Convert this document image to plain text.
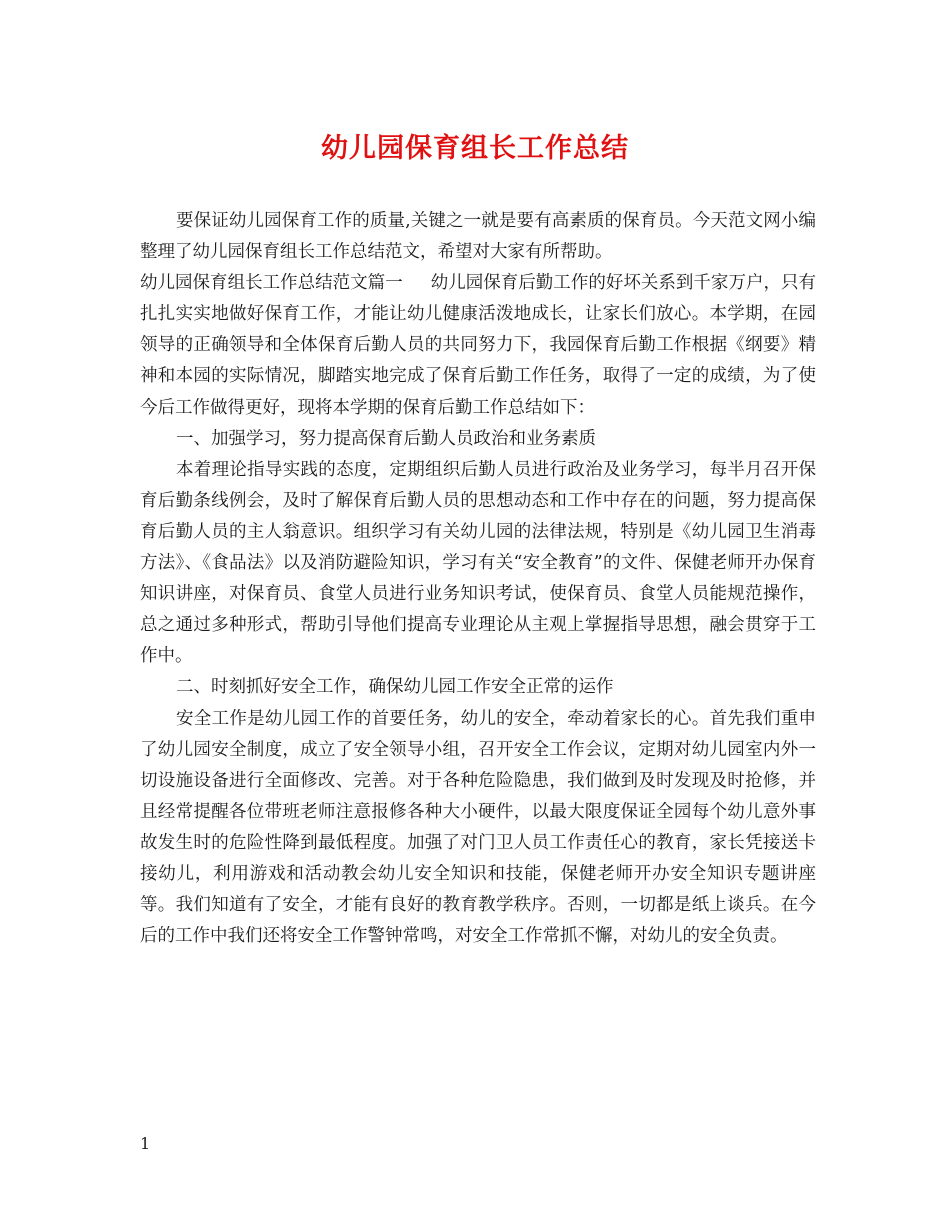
幼儿园保育组长工作总结

要保证幼儿园保育工作的质量,关键之一就是要有高素质的保育员。今天范文网小编整理了幼儿园保育组长工作总结范文，希望对大家有所帮助。

幼儿园保育组长工作总结范文篇一 幼儿园保育后勤工作的好坏关系到千家万户，只有扎扎实实地做好保育工作，才能让幼儿健康活泼地成长，让家长们放心。本学期，在园领导的正确领导和全体保育后勤人员的共同努力下，我园保育后勤工作根据《纲要》精神和本园的实际情况，脚踏实地完成了保育后勤工作任务，取得了一定的成绩，为了使今后工作做得更好，现将本学期的保育后勤工作总结如下：

一、加强学习，努力提高保育后勤人员政治和业务素质

本着理论指导实践的态度，定期组织后勤人员进行政治及业务学习，每半月召开保育后勤条线例会，及时了解保育后勤人员的思想动态和工作中存在的问题，努力提高保育后勤人员的主人翁意识。组织学习有关幼儿园的法律法规，特别是《幼儿园卫生消毒方法》、《食品法》以及消防避险知识，学习有关“安全教育”的文件、保健老师开办保育知识讲座，对保育员、食堂人员进行业务知识考试，使保育员、食堂人员能规范操作，总之通过多种形式，帮助引导他们提高专业理论从主观上掌握指导思想，融会贯穿于工作中。

二、时刻抓好安全工作，确保幼儿园工作安全正常的运作

安全工作是幼儿园工作的首要任务，幼儿的安全，牵动着家长的心。首先我们重申了幼儿园安全制度，成立了安全领导小组，召开安全工作会议，定期对幼儿园室内外一切设施设备进行全面修改、完善。对于各种危险隐患，我们做到及时发现及时抢修，并且经常提醒各位带班老师注意报修各种大小硬件，以最大限度保证全园每个幼儿意外事故发生时的危险性降到最低程度。加强了对门卫人员工作责任心的教育，家长凭接送卡接幼儿，利用游戏和活动教会幼儿安全知识和技能，保健老师开办安全知识专题讲座等。我们知道有了安全，才能有良好的教育教学秩序。否则，一切都是纸上谈兵。在今后的工作中我们还将安全工作警钟常鸣，对安全工作常抓不懈，对幼儿的安全负责。

1
